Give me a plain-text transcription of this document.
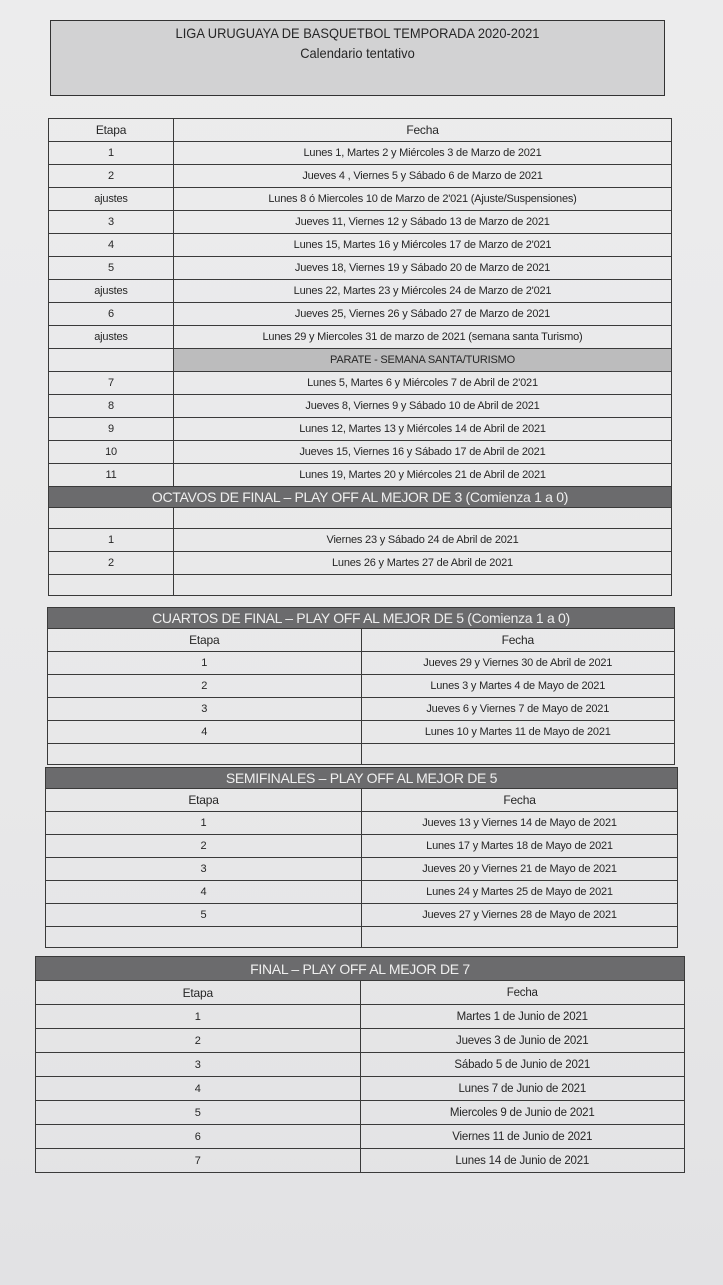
LIGA URUGUAYA DE BASQUETBOL TEMPORADA 2020-2021
Calendario tentativo
Etapa	Fecha
1	Lunes 1, Martes 2 y Miércoles 3 de Marzo de 2021
2	Jueves 4 , Viernes 5 y Sábado 6 de Marzo de 2021
ajustes	Lunes 8 ó Miercoles 10 de Marzo de 2'021 (Ajuste/Suspensiones)
3	Jueves 11, Viernes 12 y Sábado 13 de Marzo de 2021
4	Lunes 15, Martes 16 y Miércoles 17 de Marzo de 2'021
5	Jueves 18, Viernes 19 y Sábado 20 de Marzo de 2021
ajustes	Lunes 22, Martes 23 y Miércoles 24 de Marzo de 2'021
6	Jueves 25, Viernes 26 y Sábado 27 de Marzo de 2021
ajustes	Lunes 29 y Miercoles 31 de marzo de 2021 (semana santa Turismo)
	PARATE - SEMANA SANTA/TURISMO
7	Lunes 5, Martes 6 y Miércoles 7 de Abril de 2'021
8	Jueves 8, Viernes 9 y Sábado 10 de Abril de 2021
9	Lunes 12, Martes 13 y Miércoles 14 de Abril de 2021
10	Jueves 15, Viernes 16 y Sábado 17 de Abril de 2021
11	Lunes 19, Martes 20 y Miércoles 21 de Abril de 2021
OCTAVOS DE FINAL – PLAY OFF AL MEJOR DE 3 (Comienza 1 a 0)	

1	Viernes 23 y Sábado 24 de Abril de 2021
2	Lunes 26 y Martes 27 de Abril de 2021

CUARTOS DE FINAL – PLAY OFF AL MEJOR DE 5 (Comienza 1 a 0)	
Etapa	Fecha
1	Jueves 29 y Viernes 30 de Abril de 2021
2	Lunes 3 y Martes 4 de Mayo de 2021
3	Jueves 6 y Viernes 7 de Mayo de 2021
4	Lunes 10 y Martes 11 de Mayo de 2021

SEMIFINALES – PLAY OFF AL MEJOR DE 5	
Etapa	Fecha
1	Jueves 13 y Viernes 14 de Mayo de 2021
2	Lunes 17 y Martes 18 de Mayo de 2021
3	Jueves 20 y Viernes 21 de Mayo de 2021
4	Lunes 24 y Martes 25 de Mayo de 2021
5	Jueves 27 y Viernes 28 de Mayo de 2021

FINAL – PLAY OFF AL MEJOR DE 7	
Etapa	Fecha
1	Martes 1 de Junio de 2021
2	Jueves 3 de Junio de 2021
3	Sábado 5 de Junio de 2021
4	Lunes 7 de Junio de 2021
5	Miercoles 9 de Junio de 2021
6	Viernes 11 de Junio de 2021
7	Lunes 14 de Junio de 2021
